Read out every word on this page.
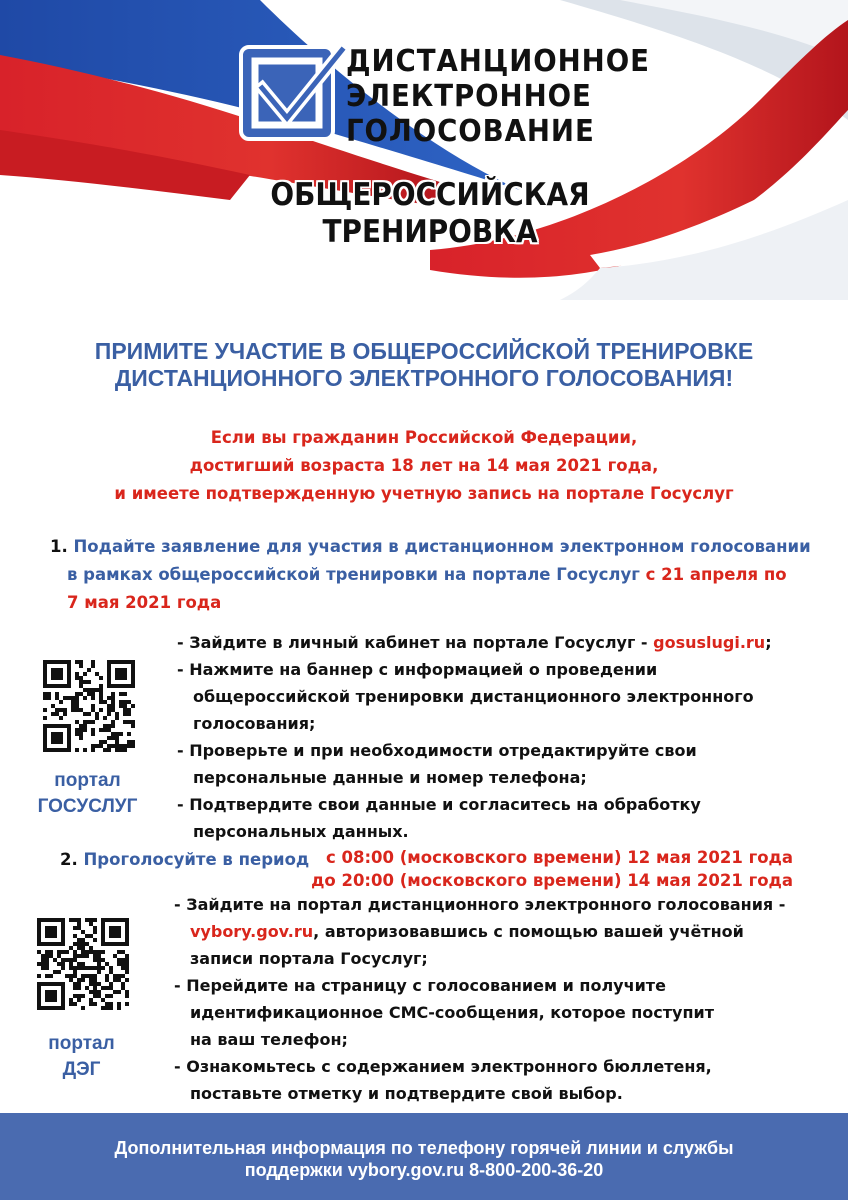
ДИСТАНЦИОННОЕ
ЭЛЕКТРОННОЕ
ГОЛОСОВАНИЕ
ОБЩЕРОССИЙСКАЯ
ТРЕНИРОВКА
ПРИМИТЕ УЧАСТИЕ В ОБЩЕРОССИЙСКОЙ ТРЕНИРОВКЕ
ДИСТАНЦИОННОГО ЭЛЕКТРОННОГО ГОЛОСОВАНИЯ!
Если вы гражданин Российской Федерации,
достигший возраста 18 лет на 14 мая 2021 года,
и имеете подтвержденную учетную запись на портале Госуслуг
1. Подайте заявление для участия в дистанционном электронном голосовании
в рамках общероссийской тренировки на портале Госуслуг с 21 апреля по
7 мая 2021 года
портал
ГОСУСЛУГ
- Зайдите в личный кабинет на портале Госуслуг - gosuslugi.ru;
- Нажмите на баннер с информацией о проведении
общероссийской тренировки дистанционного электронного
голосования;
- Проверьте и при необходимости отредактируйте свои
персональные данные и номер телефона;
- Подтвердите свои данные и согласитесь на обработку
персональных данных.
2. Проголосуйте в период	с 08:00 (московского времени) 12 мая 2021 года
до 20:00 (московского времени) 14 мая 2021 года
портал
ДЭГ
- Зайдите на портал дистанционного электронного голосования -
vybory.gov.ru, авторизовавшись с помощью вашей учётной
записи портала Госуслуг;
- Перейдите на страницу с голосованием и получите
идентификационное СМС-сообщения, которое поступит
на ваш телефон;
- Ознакомьтесь с содержанием электронного бюллетеня,
поставьте отметку и подтвердите свой выбор.
Дополнительная информация по телефону горячей линии и службы
поддержки vybory.gov.ru 8-800-200-36-20
